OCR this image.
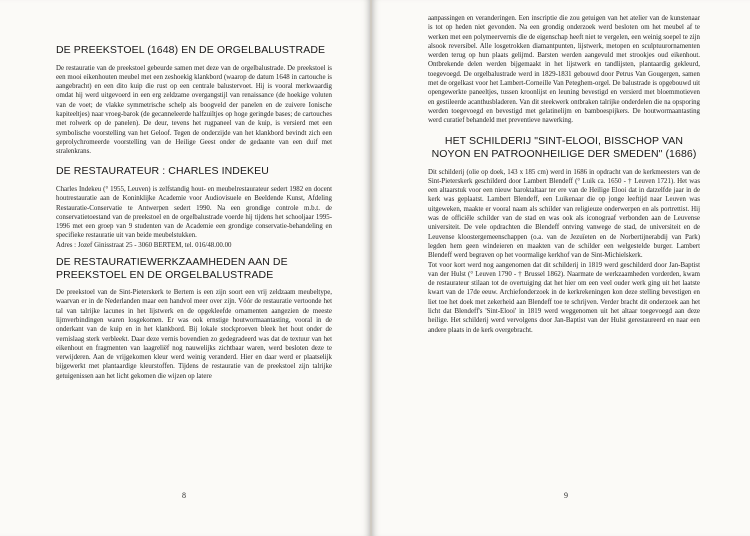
DE PREEKSTOEL (1648) EN DE ORGELBALUSTRADE

De restauratie van de preekstoel gebeurde samen met deze van de orgelbalustrade. De preekstoel is een mooi eikenhouten meubel met een zeshoekig klankbord (waarop de datum 1648 in cartouche is aangebracht) en een dito kuip die rust op een centrale balustervoet. Hij is vooral merkwaardig omdat hij werd uitgevoerd in een erg zeldzame overgangstijl van renaissance (de hoekige voluten van de voet; de vlakke symmetrische schelp als boogveld der panelen en de zuivere Ionische kapiteeltjes) naar vroeg-barok (de gecanneleerde halfzuiltjes op hoge geringde bases; de cartouches met rolwerk op de panelen). De deur, tevens het rugpaneel van de kuip, is versierd met een symbolische voorstelling van het Geloof. Tegen de onderzijde van het klankbord bevindt zich een geprolychromeerde voorstelling van de Heilige Geest onder de gedaante van een duif met stralenkrans.

DE RESTAURATEUR : CHARLES INDEKEU

Charles Indekeu (° 1955, Leuven) is zelfstandig hout- en meubelrestaurateur sedert 1982 en docent houtrestauratie aan de Koninklijke Academie voor Audiovisuele en Beeldende Kunst, Afdeling Restauratie-Conservatie te Antwerpen sedert 1990. Na een grondige controle m.b.t. de conservatietoestand van de preekstoel en de orgelbalustrade voerde hij tijdens het schooljaar 1995-1996 met een groep van 9 studenten van de Academie een grondige conservatie-behandeling en specifieke restauratie uit van beide meubelstukken.

Adres : Jozef Ginisstraat 25 - 3060 BERTEM, tel. 016/48.00.00

DE RESTAURATIEWERKZAAMHEDEN AAN DE PREEKSTOEL EN DE ORGELBALUSTRADE

De preekstoel van de Sint-Pieterskerk te Bertem is een zijn soort een vrij zeldzaam meubeltype, waarvan er in de Nederlanden maar een handvol meer over zijn. Vóór de restauratie vertoonde het tal van talrijke lacunes in het lijstwerk en de opgekleefde ornamenten aangezien de meeste lijmverbindingen waren losgekomen. Er was ook ernstige houtwormaantasting, vooral in de onderkant van de kuip en in het klankbord. Bij lokale stockproeven bleek het hout onder de vernislaag sterk verbleekt. Daar deze vernis bovendien zo gedegradeerd was dat de textuur van het eikenhout en fragmenten van laagreliëf nog nauwelijks zichtbaar waren, werd besloten deze te verwijderen. Aan de vrijgekomen kleur werd weinig veranderd. Hier en daar werd er plaatselijk bijgewerkt met plantaardige kleurstoffen. Tijdens de restauratie van de preekstoel zijn talrijke getuigenissen aan het licht gekomen die wijzen op latere

8

aanpassingen en veranderingen. Een inscriptie die zou getuigen van het atelier van de kunstenaar is tot op heden niet gevonden. Na een grondig onderzoek werd besloten om het meubel af te werken met een polymeervernis die de eigenschap heeft niet te vergelen, een weinig soepel te zijn alsook reversibel. Alle losgetrokken diamantpunten, lijstwerk, metopen en sculptuurornamenten werden terug op hun plaats gelijmd. Barsten werden aangevuld met strookjes oud eikenhout. Ontbrekende delen werden bijgemaakt in het lijstwerk en tandlijsten, plantaardig gekleurd, toegevoegd. De orgelbalustrade werd in 1829-1831 gebouwd door Petrus Van Gougergen, samen met de orgelkast voor het Lambert-Corneille Van Peteghem-orgel. De balustrade is opgebouwd uit opengewerkte paneeltjes, tussen kroonlijst en leuning bevestigd en versierd met bloemmotieven en gestileerde acanthusbladeren. Van dit steekwerk ontbraken talrijke onderdelen die na opsporing werden toegevoegd en bevestigd met gelatinelijm en bamboespijkers. De houtwormaantasting werd curatief behandeld met preventieve nawerking.

HET SCHILDERIJ "SINT-ELOOI, BISSCHOP VAN NOYON EN PATROONHEILIGE DER SMEDEN" (1686)

Dit schilderij (olie op doek, 143 x 185 cm) werd in 1686 in opdracht van de kerkmeesters van de Sint-Pieterskerk geschilderd door Lambert Blendeff (° Luik ca. 1650 - † Leuven 1721). Het was een altaarstuk voor een nieuw baroktaltaar ter ere van de Heilige Elooi dat in datzelfde jaar in de kerk was geplaatst. Lambert Blendeff, een Luikenaar die op jonge leeftijd naar Leuven was uitgeweken, maakte er vooral naam als schilder van religieuze onderwerpen en als portrettist. Hij was de officiële schilder van de stad en was ook als iconograaf verbonden aan de Leuvense universiteit. De vele opdrachten die Blendeff ontving vanwege de stad, de universiteit en de Leuvense kloostergemeenschappen (o.a. van de Jezuïeten en de Norbertijnerabdij van Park) legden hem geen windeieren en maakten van de schilder een welgestelde burger. Lambert Blendeff werd begraven op het voormalige kerkhof van de Sint-Michielskerk.

Tot voor kort werd nog aangenomen dat dit schilderij in 1819 werd geschilderd door Jan-Baptist van der Hulst (° Leuven 1790 - † Brussel 1862). Naarmate de werkzaamheden vorderden, kwam de restaurateur stilaan tot de overtuiging dat het hier om een veel ouder werk ging uit het laatste kwart van de 17de eeuw. Archiefonderzoek in de kerkrekeningen kon deze stelling bevestigen en liet toe het doek met zekerheid aan Blendeff toe te schrijven. Verder bracht dit onderzoek aan het licht dat Blendeff's 'Sint-Elooi' in 1819 werd weggenomen uit het altaar toegevoegd aan deze heilige. Het schilderij werd vervolgens door Jan-Baptist van der Hulst gerestaureerd en naar een andere plaats in de kerk overgebracht.

9
